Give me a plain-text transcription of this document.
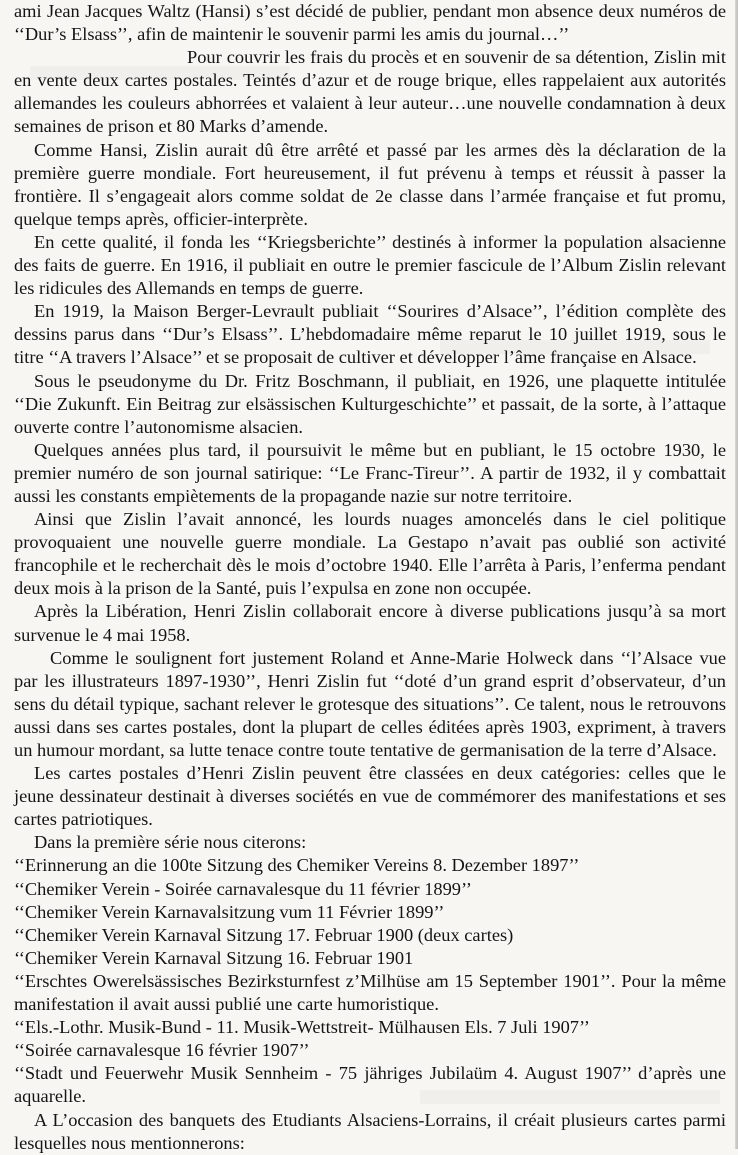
ami Jean Jacques Waltz (Hansi) s’est décidé de publier, pendant mon absence deux numéros de ‘‘Dur’s Elsass’’, afin de maintenir le souvenir parmi les amis du journal…’’

Pour couvrir les frais du procès et en souvenir de sa détention, Zislin mit en vente deux cartes postales. Teintés d’azur et de rouge brique, elles rappelaient aux autorités allemandes les couleurs abhorrées et valaient à leur auteur…une nouvelle condamnation à deux semaines de prison et 80 Marks d’amende.

Comme Hansi, Zislin aurait dû être arrêté et passé par les armes dès la déclaration de la première guerre mondiale. Fort heureusement, il fut prévenu à temps et réussit à passer la frontière. Il s’engageait alors comme soldat de 2e classe dans l’armée française et fut promu, quelque temps après, officier-interprète.

En cette qualité, il fonda les ‘‘Kriegsberichte’’ destinés à informer la population alsacienne des faits de guerre. En 1916, il publiait en outre le premier fascicule de l’Album Zislin relevant les ridicules des Allemands en temps de guerre.

En 1919, la Maison Berger-Levrault publiait ‘‘Sourires d’Alsace’’, l’édition complète des dessins parus dans ‘‘Dur’s Elsass’’. L’hebdomadaire même reparut le 10 juillet 1919, sous le titre ‘‘A travers l’Alsace’’ et se proposait de cultiver et développer l’âme française en Alsace.

Sous le pseudonyme du Dr. Fritz Boschmann, il publiait, en 1926, une plaquette intitulée ‘‘Die Zukunft. Ein Beitrag zur elsässischen Kulturgeschichte’’ et passait, de la sorte, à l’attaque ouverte contre l’autonomisme alsacien.

Quelques années plus tard, il poursuivit le même but en publiant, le 15 octobre 1930, le premier numéro de son journal satirique: ‘‘Le Franc-Tireur’’. A partir de 1932, il y combattait aussi les constants empiètements de la propagande nazie sur notre territoire.

Ainsi que Zislin l’avait annoncé, les lourds nuages amoncelés dans le ciel politique provoquaient une nouvelle guerre mondiale. La Gestapo n’avait pas oublié son activité francophile et le recherchait dès le mois d’octobre 1940. Elle l’arrêta à Paris, l’enferma pendant deux mois à la prison de la Santé, puis l’expulsa en zone non occupée.

Après la Libération, Henri Zislin collaborait encore à diverse publications jusqu’à sa mort survenue le 4 mai 1958.

Comme le soulignent fort justement Roland et Anne-Marie Holweck dans ‘‘l’Alsace vue par les illustrateurs 1897-1930’’, Henri Zislin fut ‘‘doté d’un grand esprit d’observateur, d’un sens du détail typique, sachant relever le grotesque des situations’’. Ce talent, nous le retrouvons aussi dans ses cartes postales, dont la plupart de celles éditées après 1903, expriment, à travers un humour mordant, sa lutte tenace contre toute tentative de germanisation de la terre d’Alsace.

Les cartes postales d’Henri Zislin peuvent être classées en deux catégories: celles que le jeune dessinateur destinait à diverses sociétés en vue de commémorer des manifestations et ses cartes patriotiques.

Dans la première série nous citerons:

‘‘Erinnerung an die 100te Sitzung des Chemiker Vereins 8. Dezember 1897’’
‘‘Chemiker Verein - Soirée carnavalesque du 11 février 1899’’
‘‘Chemiker Verein Karnavalsitzung vum 11 Février 1899’’
‘‘Chemiker Verein Karnaval Sitzung 17. Februar 1900 (deux cartes)
‘‘Chemiker Verein Karnaval Sitzung 16. Februar 1901
‘‘Erschtes Owerelsässisches Bezirksturnfest z’Milhüse am 15 September 1901’’. Pour la même manifestation il avait aussi publié une carte humoristique.
‘‘Els.-Lothr. Musik-Bund - 11. Musik-Wettstreit- Mülhausen Els. 7 Juli 1907’’
‘‘Soirée carnavalesque 16 février 1907’’
‘‘Stadt und Feuerwehr Musik Sennheim - 75 jähriges Jubilaüm 4. August 1907’’ d’après une aquarelle.

A L’occasion des banquets des Etudiants Alsaciens-Lorrains, il créait plusieurs cartes parmi lesquelles nous mentionnerons:
